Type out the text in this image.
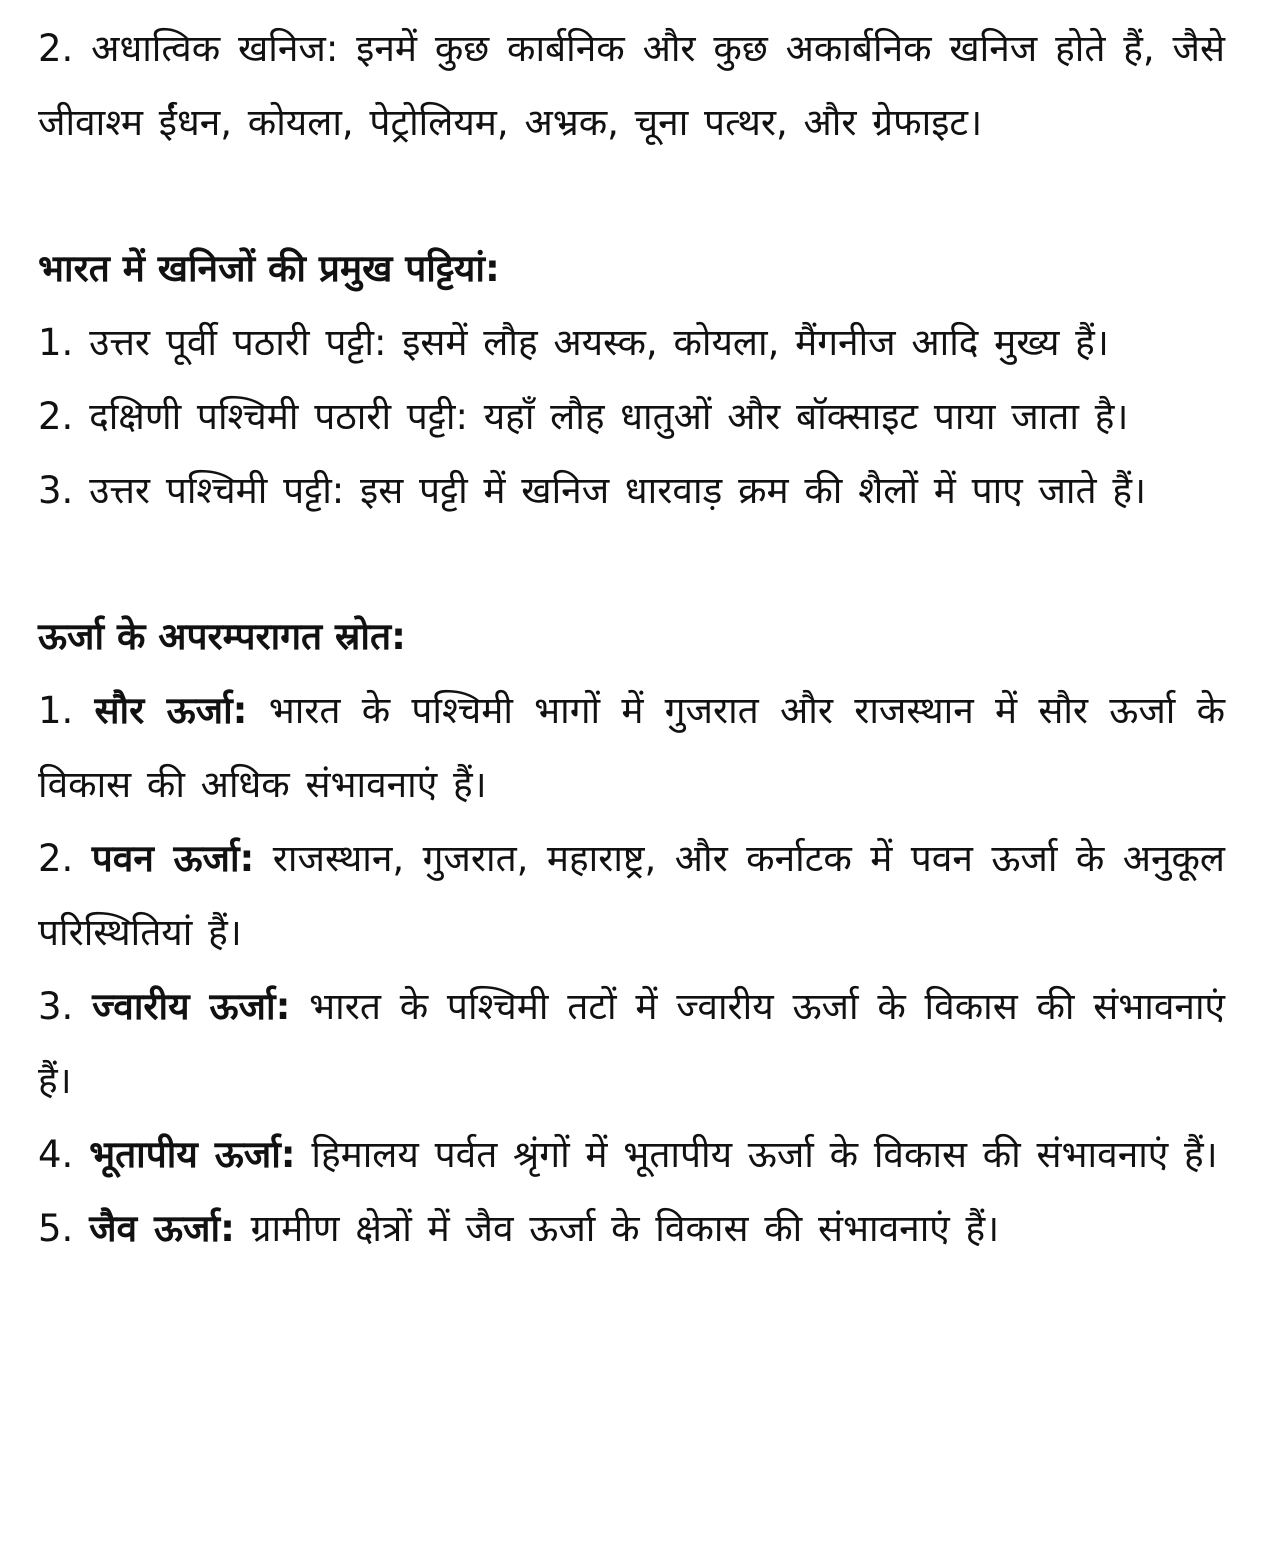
2. अधात्विक खनिज: इनमें कुछ कार्बनिक और कुछ अकार्बनिक खनिज होते हैं, जैसे जीवाश्म ईंधन, कोयला, पेट्रोलियम, अभ्रक, चूना पत्थर, और ग्रेफाइट।

भारत में खनिजों की प्रमुख पट्टियां:

1. उत्तर पूर्वी पठारी पट्टी: इसमें लौह अयस्क, कोयला, मैंगनीज आदि मुख्य हैं।

2. दक्षिणी पश्चिमी पठारी पट्टी: यहाँ लौह धातुओं और बॉक्साइट पाया जाता है।

3. उत्तर पश्चिमी पट्टी: इस पट्टी में खनिज धारवाड़ क्रम की शैलों में पाए जाते हैं।

ऊर्जा के अपरम्परागत स्रोत:

1. सौर ऊर्जा: भारत के पश्चिमी भागों में गुजरात और राजस्थान में सौर ऊर्जा के विकास की अधिक संभावनाएं हैं।

2. पवन ऊर्जा: राजस्थान, गुजरात, महाराष्ट्र, और कर्नाटक में पवन ऊर्जा के अनुकूल परिस्थितियां हैं।

3. ज्वारीय ऊर्जा: भारत के पश्चिमी तटों में ज्वारीय ऊर्जा के विकास की संभावनाएं हैं।

4. भूतापीय ऊर्जा: हिमालय पर्वत श्रृंगों में भूतापीय ऊर्जा के विकास की संभावनाएं हैं।

5. जैव ऊर्जा: ग्रामीण क्षेत्रों में जैव ऊर्जा के विकास की संभावनाएं हैं।
